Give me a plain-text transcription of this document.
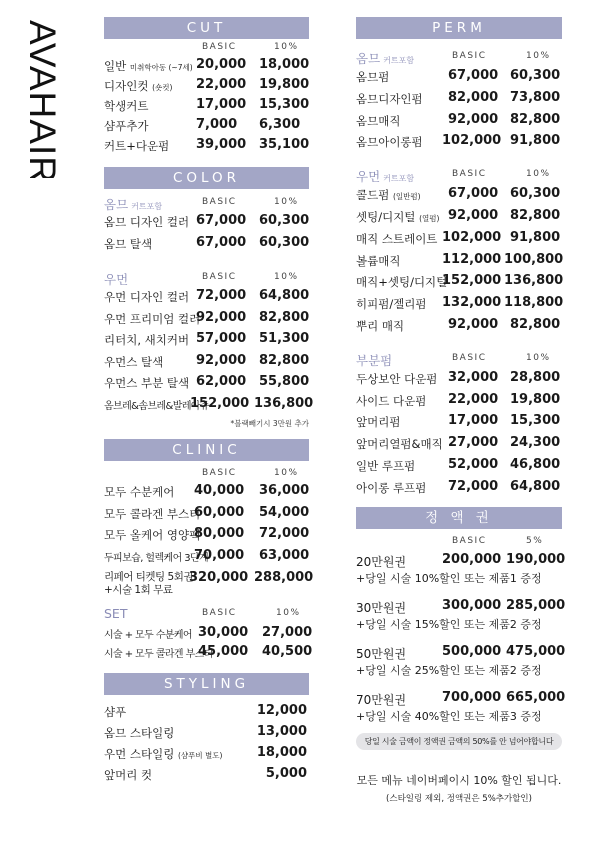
AVAHAIR	CUT
BASIC	10%
일반 미취학아동 (~7세) 20,000 18,000
디자인컷 (숏컷) 22,000 19,800
학생커트	17,000 15,300
샴푸추가	7,000 6,300
커트+다운펌 39,000 35,100
COLOR
옴므 커트포함	BASIC	10%
옴므 디자인 컬러 67,000 60,300
옴므 탈색	67,000 60,300
우먼	BASIC	10%
우먼 디자인 컬러 72,000 64,800
우먼 프리미엄 컬러
92,000 82,800
리터치, 새치커버 57,000 51,300
우먼스 탈색	92,000 82,800
우먼스 부분 탈색 62,000 55,800
옴브레&솜브레&발레아쥬
152,000 136,800
*블랙빼기시 3만원 추가
CLINIC
BASIC	10%
모두 수분케어 40,000 36,000
모두 콜라겐 부스터
60,000 54,000
모두 올케어 영양팩
80,000 72,000
두피보습, 헐렉케어 3단계
70,000 63,000
리페어 티켓팅 5회권
+시술 1회 무료
320,000 288,000
SET	BASIC	10%
시술 + 모두 수분케어 30,000 27,000
시술 + 모두 콜라겐 부스터
45,000 40,500
STYLING
샴푸	12,000
옴므 스타일링	13,000
우먼 스타일링 (샴푸비 별도)	18,000
앞머리 컷	5,000
PERM
옴므 커트포함	BASIC	10%
옴므펌	67,000 60,300
옴므디자인펌 82,000 73,800
옴므매직	92,000 82,800
옴므아이롱펌 102,000 91,800
우먼 커트포함	BASIC	10%
콜드펌 (일반펌) 67,000 60,300
셋팅/디지털 (열펌) 92,000 82,800
매직 스트레이트 102,000 91,800
볼륨매직	112,000 100,800
매직+셋팅/디지털
152,000 136,800
히피펌/젤리펌 132,000 118,800
뿌리 매직	92,000 82,800
부분펌	BASIC	10%
두상보안 다운펌 32,000 28,800
사이드 다운펌 22,000 19,800
앞머리펌	17,000 15,300
앞머리열펌&매직 27,000 24,300
일반 루프펌	52,000 46,800
아이롱 루프펌 72,000 64,800
정 액 권
BASIC	5%
20만원권	200,000 190,000
+당일 시술 10%할인 또는 제품1 증정
30만원권	300,000 285,000
+당일 시술 15%할인 또는 제품2 증정
50만원권	500,000 475,000
+당일 시술 25%할인 또는 제품2 증정
70만원권	700,000 665,000
+당일 시술 40%할인 또는 제품3 증정
당일 시술 금액이 정액권 금액의 50%를 안 넘어야합니다
모든 메뉴 네이버페이시 10% 할인 됩니다.
(스타일링 제외, 정액권은 5%추가할인)
